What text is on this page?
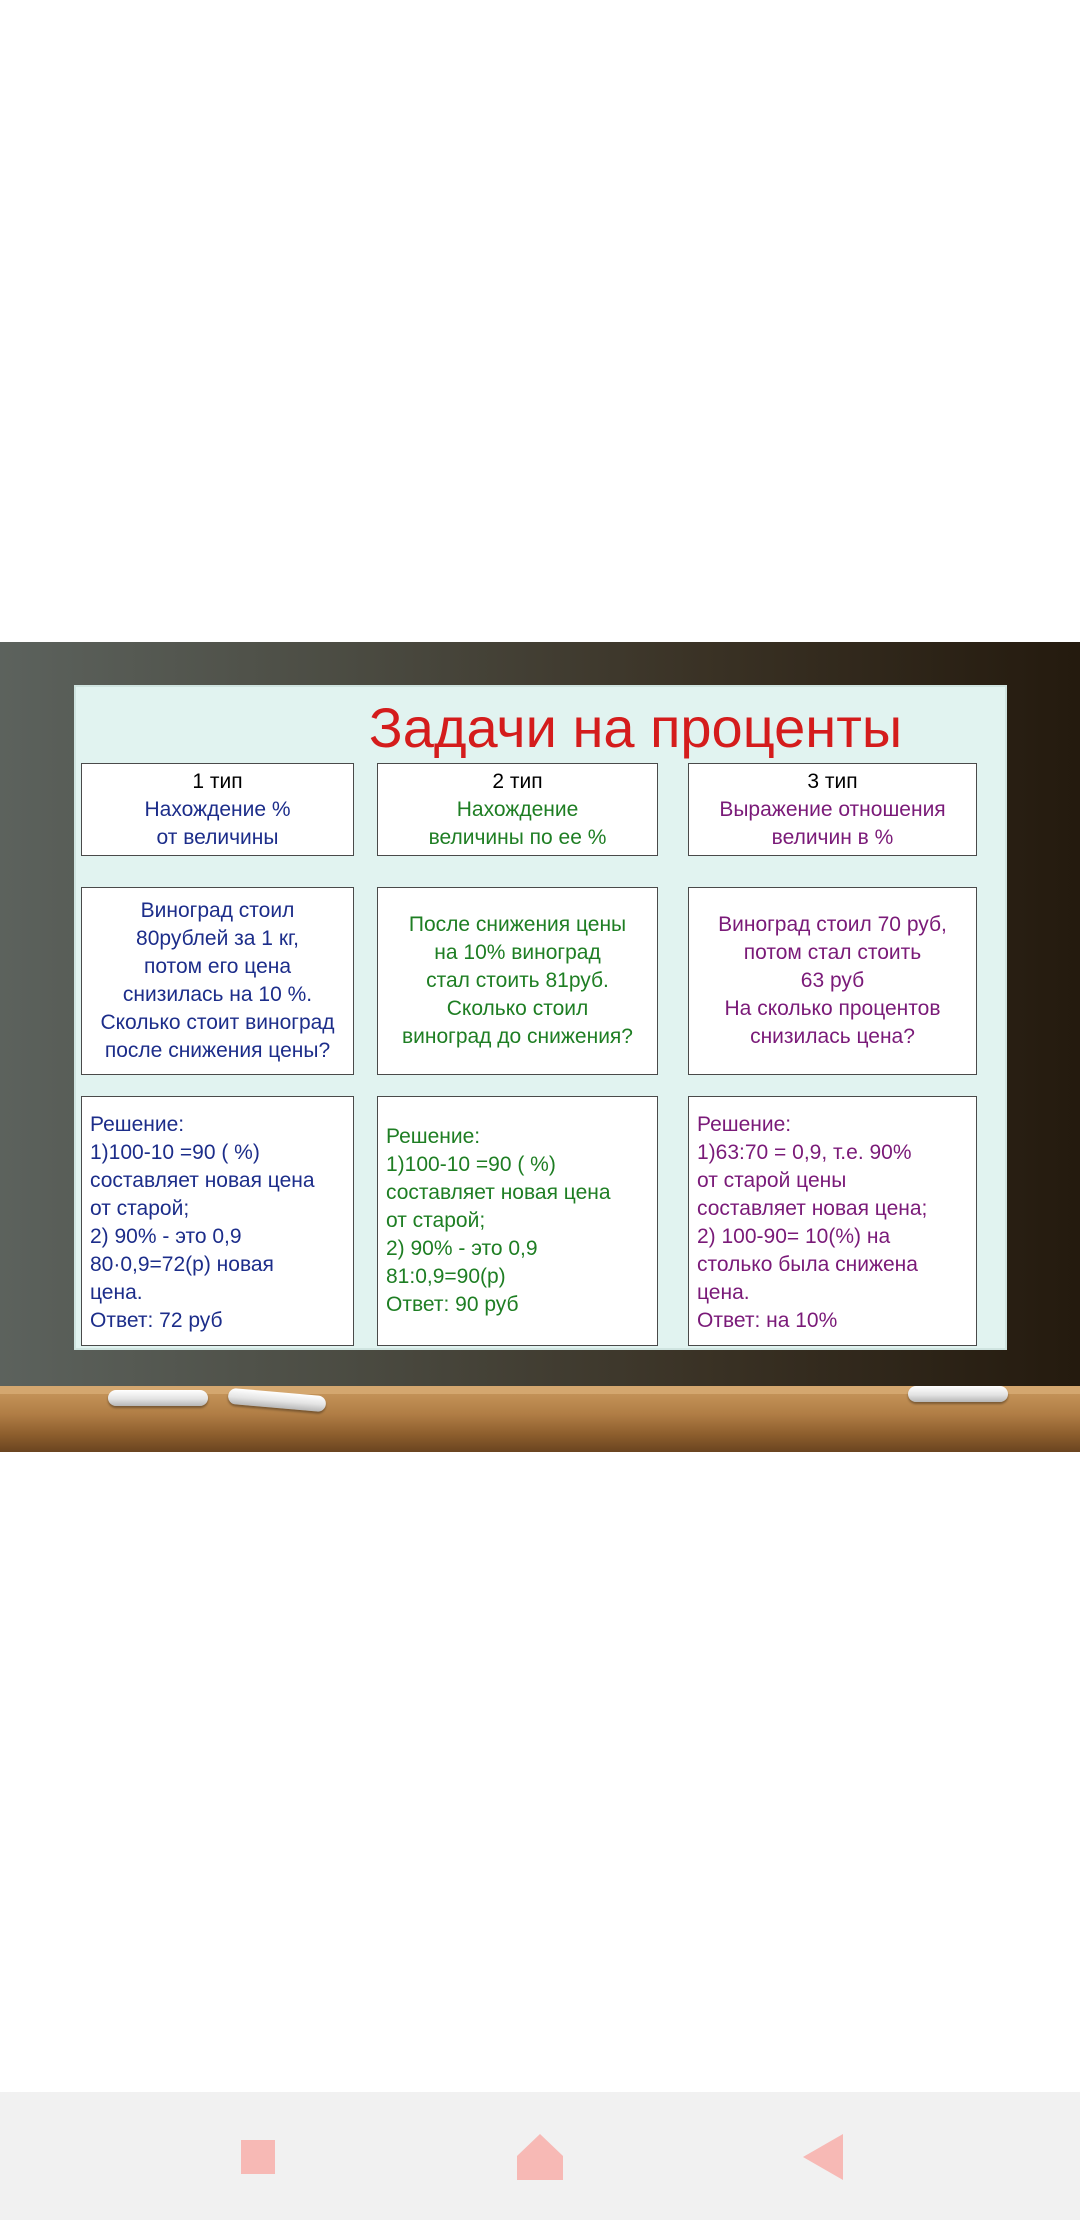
Задачи на проценты
1 тип
Нахождение %
от величины
2 тип
Нахождение
величины по ее %
3 тип
Выражение отношения
величин в %
Виноград стоил
80рублей за 1 кг,
потом его цена
снизилась на 10 %.
Сколько стоит виноград
после снижения цены?
После снижения цены
на 10% виноград
стал стоить 81руб.
Сколько стоил
виноград до снижения?
Виноград стоил 70 руб,
потом стал стоить
63 руб
На сколько процентов
снизилась цена?
Решение:
1)100-10 =90 ( %)
составляет новая цена
от старой;
2) 90% - это 0,9
80·0,9=72(р) новая
цена.
Ответ: 72 руб
Решение:
1)100-10 =90 ( %)
составляет новая цена
от старой;
2) 90% - это 0,9
81:0,9=90(р)
Ответ: 90 руб
Решение:
1)63:70 = 0,9, т.е. 90%
от старой цены
составляет новая цена;
2) 100-90= 10(%) на
столько была снижена
цена.
Ответ: на 10%
